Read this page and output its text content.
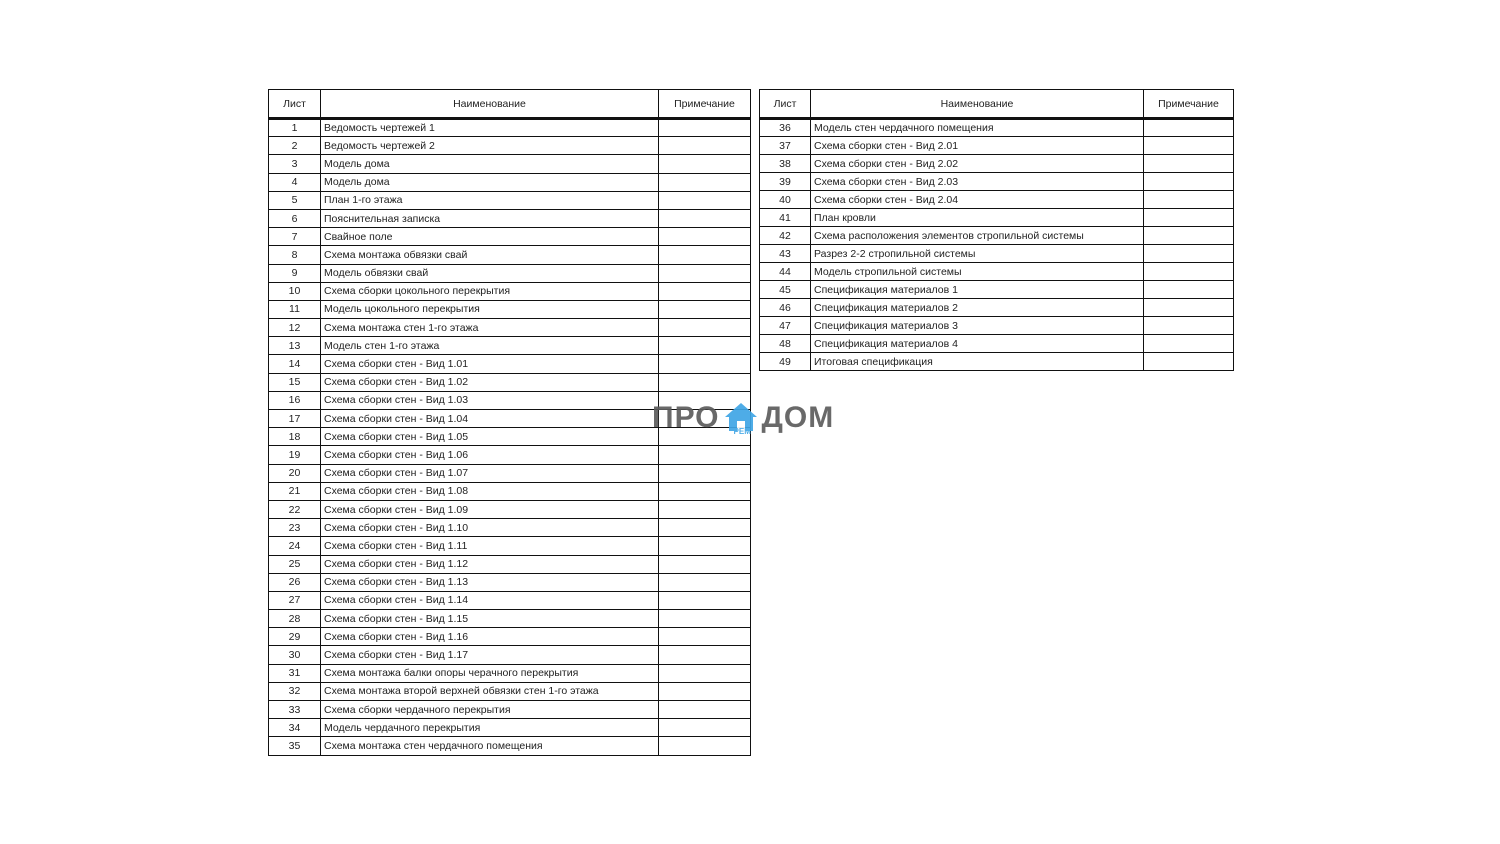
Лист	Наименование	Примечание
1	Ведомость чертежей 1	
2	Ведомость чертежей 2	
3	Модель дома	
4	Модель дома	
5	План 1-го этажа	
6	Пояснительная записка	
7	Свайное поле	
8	Схема монтажа обвязки свай	
9	Модель обвязки свай	
10	Схема сборки цокольного перекрытия	
11	Модель цокольного перекрытия	
12	Схема монтажа стен 1-го этажа	
13	Модель стен 1-го этажа	
14	Схема сборки стен - Вид 1.01	
15	Схема сборки стен - Вид 1.02	
16	Схема сборки стен - Вид 1.03	
17	Схема сборки стен - Вид 1.04	
18	Схема сборки стен - Вид 1.05	
19	Схема сборки стен - Вид 1.06	
20	Схема сборки стен - Вид 1.07	
21	Схема сборки стен - Вид 1.08	
22	Схема сборки стен - Вид 1.09	
23	Схема сборки стен - Вид 1.10	
24	Схема сборки стен - Вид 1.11	
25	Схема сборки стен - Вид 1.12	
26	Схема сборки стен - Вид 1.13	
27	Схема сборки стен - Вид 1.14	
28	Схема сборки стен - Вид 1.15	
29	Схема сборки стен - Вид 1.16	
30	Схема сборки стен - Вид 1.17	
31	Схема монтажа балки опоры черачного перекрытия	
32	Схема монтажа второй верхней обвязки стен 1-го этажа	
33	Схема сборки чердачного перекрытия	
34	Модель чердачного перекрытия	
35	Схема монтажа стен чердачного помещения	
Лист	Наименование	Примечание
36	Модель стен чердачного помещения	
37	Схема сборки стен - Вид 2.01	
38	Схема сборки стен - Вид 2.02	
39	Схема сборки стен - Вид 2.03	
40	Схема сборки стен - Вид 2.04	
41	План кровли	
42	Схема расположения элементов стропильной системы	
43	Разрез 2-2 стропильной системы	
44	Модель стропильной системы	
45	Спецификация материалов 1	
46	Спецификация материалов 2	
47	Спецификация материалов 3	
48	Спецификация материалов 4	
49	Итоговая спецификация	
ПРО РЕМ ДОМ
